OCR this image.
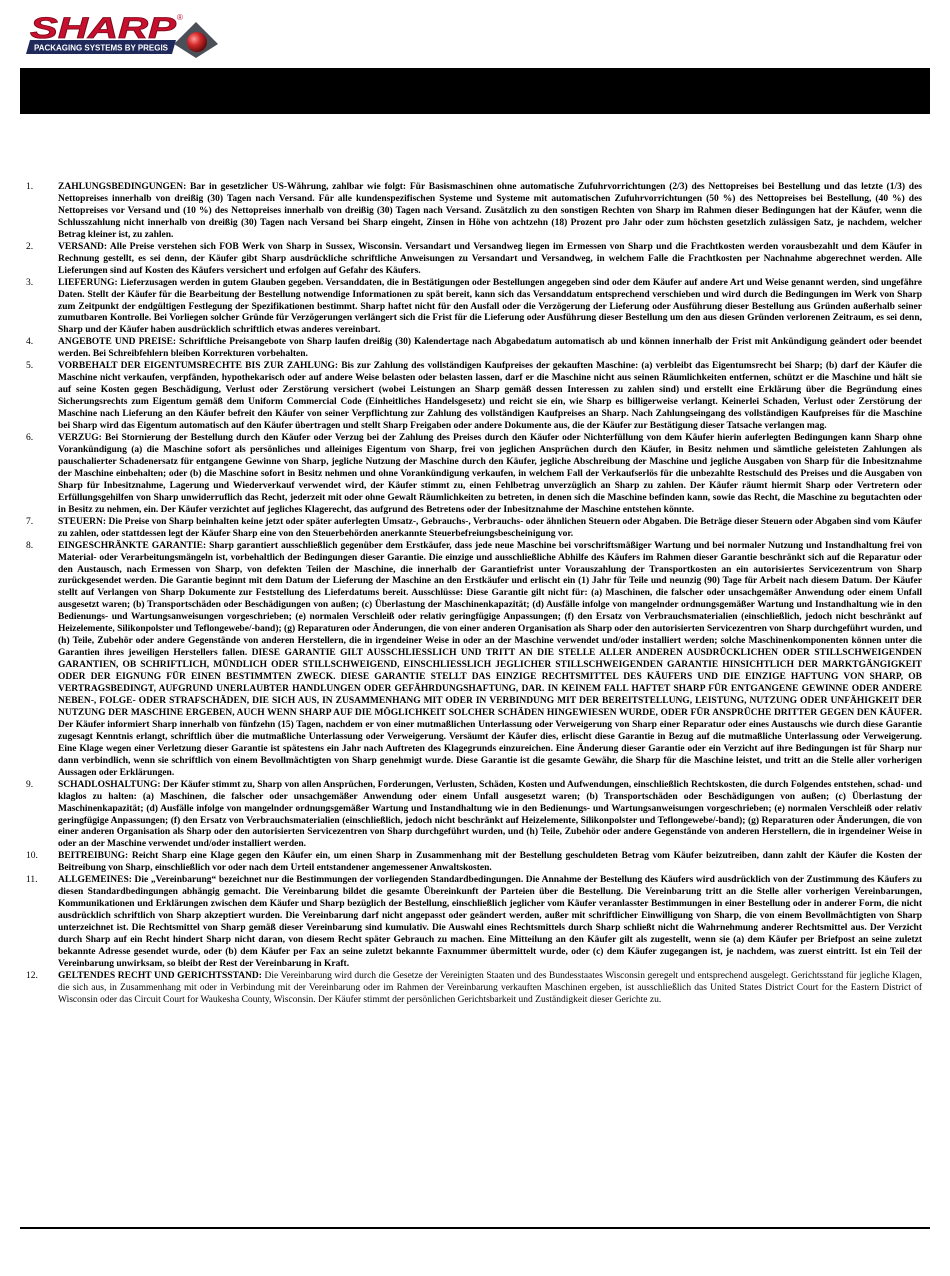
SHARP ®
PACKAGING SYSTEMS BY PREGIS
1.	ZAHLUNGSBEDINGUNGEN: Bar in gesetzlicher US-Währung, zahlbar wie folgt: Für Basismaschinen ohne automatische Zufuhrvorrichtungen (2/3) des Nettopreises bei Bestellung und das letzte (1/3) des Nettopreises innerhalb von dreißig (30) Tagen nach Versand. Für alle kundenspezifischen Systeme und Systeme mit automatischen Zufuhrvorrichtungen (50 %) des Nettopreises bei Bestellung, (40 %) des Nettopreises vor Versand und (10 %) des Nettopreises innerhalb von dreißig (30) Tagen nach Versand. Zusätzlich zu den sonstigen Rechten von Sharp im Rahmen dieser Bedingungen hat der Käufer, wenn die Schlusszahlung nicht innerhalb von dreißig (30) Tagen nach Versand bei Sharp eingeht, Zinsen in Höhe von achtzehn (18) Prozent pro Jahr oder zum höchsten gesetzlich zulässigen Satz, je nachdem, welcher Betrag kleiner ist, zu zahlen.
2.	VERSAND: Alle Preise verstehen sich FOB Werk von Sharp in Sussex, Wisconsin. Versandart und Versandweg liegen im Ermessen von Sharp und die Frachtkosten werden vorausbezahlt und dem Käufer in Rechnung gestellt, es sei denn, der Käufer gibt Sharp ausdrückliche schriftliche Anweisungen zu Versandart und Versandweg, in welchem Falle die Frachtkosten per Nachnahme abgerechnet werden. Alle Lieferungen sind auf Kosten des Käufers versichert und erfolgen auf Gefahr des Käufers.
3.	LIEFERUNG: Lieferzusagen werden in gutem Glauben gegeben. Versanddaten, die in Bestätigungen oder Bestellungen angegeben sind oder dem Käufer auf andere Art und Weise genannt werden, sind ungefähre Daten. Stellt der Käufer für die Bearbeitung der Bestellung notwendige Informationen zu spät bereit, kann sich das Versanddatum entsprechend verschieben und wird durch die Bedingungen im Werk von Sharp zum Zeitpunkt der endgültigen Festlegung der Spezifikationen bestimmt. Sharp haftet nicht für den Ausfall oder die Verzögerung der Lieferung oder Ausführung dieser Bestellung aus Gründen außerhalb seiner zumutbaren Kontrolle. Bei Vorliegen solcher Gründe für Verzögerungen verlängert sich die Frist für die Lieferung oder Ausführung dieser Bestellung um den aus diesen Gründen verlorenen Zeitraum, es sei denn, Sharp und der Käufer haben ausdrücklich schriftlich etwas anderes vereinbart.
4.	ANGEBOTE UND PREISE: Schriftliche Preisangebote von Sharp laufen dreißig (30) Kalendertage nach Abgabedatum automatisch ab und können innerhalb der Frist mit Ankündigung geändert oder beendet werden. Bei Schreibfehlern bleiben Korrekturen vorbehalten.
5.	VORBEHALT DER EIGENTUMSRECHTE BIS ZUR ZAHLUNG: Bis zur Zahlung des vollständigen Kaufpreises der gekauften Maschine: (a) verbleibt das Eigentumsrecht bei Sharp; (b) darf der Käufer die Maschine nicht verkaufen, verpfänden, hypothekarisch oder auf andere Weise belasten oder belasten lassen, darf er die Maschine nicht aus seinen Räumlichkeiten entfernen, schützt er die Maschine und hält sie auf seine Kosten gegen Beschädigung, Verlust oder Zerstörung versichert (wobei Leistungen an Sharp gemäß dessen Interessen zu zahlen sind) und erstellt eine Erklärung über die Begründung eines Sicherungsrechts zum Eigentum gemäß dem Uniform Commercial Code (Einheitliches Handelsgesetz) und reicht sie ein, wie Sharp es billigerweise verlangt. Keinerlei Schaden, Verlust oder Zerstörung der Maschine nach Lieferung an den Käufer befreit den Käufer von seiner Verpflichtung zur Zahlung des vollständigen Kaufpreises an Sharp. Nach Zahlungseingang des vollständigen Kaufpreises für die Maschine bei Sharp wird das Eigentum automatisch auf den Käufer übertragen und stellt Sharp Freigaben oder andere Dokumente aus, die der Käufer zur Bestätigung dieser Tatsache verlangen mag.
6.	VERZUG: Bei Stornierung der Bestellung durch den Käufer oder Verzug bei der Zahlung des Preises durch den Käufer oder Nichterfüllung von dem Käufer hierin auferlegten Bedingungen kann Sharp ohne Vorankündigung (a) die Maschine sofort als persönliches und alleiniges Eigentum von Sharp, frei von jeglichen Ansprüchen durch den Käufer, in Besitz nehmen und sämtliche geleisteten Zahlungen als pauschalierter Schadenersatz für entgangene Gewinne von Sharp, jegliche Nutzung der Maschine durch den Käufer, jegliche Abschreibung der Maschine und jegliche Ausgaben von Sharp für die Inbesitznahme der Maschine einbehalten; oder (b) die Maschine sofort in Besitz nehmen und ohne Vorankündigung verkaufen, in welchem Fall der Verkaufserlös für die unbezahlte Restschuld des Preises und die Ausgaben von Sharp für Inbesitznahme, Lagerung und Wiederverkauf verwendet wird, der Käufer stimmt zu, einen Fehlbetrag unverzüglich an Sharp zu zahlen. Der Käufer räumt hiermit Sharp oder Vertretern oder Erfüllungsgehilfen von Sharp unwiderruflich das Recht, jederzeit mit oder ohne Gewalt Räumlichkeiten zu betreten, in denen sich die Maschine befinden kann, sowie das Recht, die Maschine zu begutachten oder in Besitz zu nehmen, ein. Der Käufer verzichtet auf jegliches Klagerecht, das aufgrund des Betretens oder der Inbesitznahme der Maschine entstehen könnte.
7.	STEUERN: Die Preise von Sharp beinhalten keine jetzt oder später auferlegten Umsatz-, Gebrauchs-, Verbrauchs- oder ähnlichen Steuern oder Abgaben. Die Beträge dieser Steuern oder Abgaben sind vom Käufer zu zahlen, oder stattdessen legt der Käufer Sharp eine von den Steuerbehörden anerkannte Steuerbefreiungsbescheinigung vor.
8.	EINGESCHRÄNKTE GARANTIE: Sharp garantiert ausschließlich gegenüber dem Erstkäufer, dass jede neue Maschine bei vorschriftsmäßiger Wartung und bei normaler Nutzung und Instandhaltung frei von Material- oder Verarbeitungsmängeln ist, vorbehaltlich der Bedingungen dieser Garantie. Die einzige und ausschließliche Abhilfe des Käufers im Rahmen dieser Garantie beschränkt sich auf die Reparatur oder den Austausch, nach Ermessen von Sharp, von defekten Teilen der Maschine, die innerhalb der Garantiefrist unter Vorauszahlung der Transportkosten an ein autorisiertes Servicezentrum von Sharp zurückgesendet werden. Die Garantie beginnt mit dem Datum der Lieferung der Maschine an den Erstkäufer und erlischt ein (1) Jahr für Teile und neunzig (90) Tage für Arbeit nach diesem Datum. Der Käufer stellt auf Verlangen von Sharp Dokumente zur Feststellung des Lieferdatums bereit. Ausschlüsse: Diese Garantie gilt nicht für: (a) Maschinen, die falscher oder unsachgemäßer Anwendung oder einem Unfall ausgesetzt waren; (b) Transportschäden oder Beschädigungen von außen; (c) Überlastung der Maschinenkapazität; (d) Ausfälle infolge von mangelnder ordnungsgemäßer Wartung und Instandhaltung wie in den Bedienungs- und Wartungsanweisungen vorgeschrieben; (e) normalen Verschleiß oder relativ geringfügige Anpassungen; (f) den Ersatz von Verbrauchsmaterialien (einschließlich, jedoch nicht beschränkt auf Heizelemente, Silikonpolster und Teflongewebe/-band); (g) Reparaturen oder Änderungen, die von einer anderen Organisation als Sharp oder den autorisierten Servicezentren von Sharp durchgeführt wurden, und (h) Teile, Zubehör oder andere Gegenstände von anderen Herstellern, die in irgendeiner Weise in oder an der Maschine verwendet und/oder installiert werden; solche Maschinenkomponenten können unter die Garantien ihres jeweiligen Herstellers fallen. DIESE GARANTIE GILT AUSSCHLIESSLICH UND TRITT AN DIE STELLE ALLER ANDEREN AUSDRÜCKLICHEN ODER STILLSCHWEIGENDEN GARANTIEN, OB SCHRIFTLICH, MÜNDLICH ODER STILLSCHWEIGEND, EINSCHLIESSLICH JEGLICHER STILLSCHWEIGENDEN GARANTIE HINSICHTLICH DER MARKTGÄNGIGKEIT ODER DER EIGNUNG FÜR EINEN BESTIMMTEN ZWECK. DIESE GARANTIE STELLT DAS EINZIGE RECHTSMITTEL DES KÄUFERS UND DIE EINZIGE HAFTUNG VON SHARP, OB VERTRAGSBEDINGT, AUFGRUND UNERLAUBTER HANDLUNGEN ODER GEFÄHRDUNGSHAFTUNG, DAR. IN KEINEM FALL HAFTET SHARP FÜR ENTGANGENE GEWINNE ODER ANDERE NEBEN-, FOLGE- ODER STRAFSCHÄDEN, DIE SICH AUS, IN ZUSAMMENHANG MIT ODER IN VERBINDUNG MIT DER BEREITSTELLUNG, LEISTUNG, NUTZUNG ODER UNFÄHIGKEIT DER NUTZUNG DER MASCHINE ERGEBEN, AUCH WENN SHARP AUF DIE MÖGLICHKEIT SOLCHER SCHÄDEN HINGEWIESEN WURDE, ODER FÜR ANSPRÜCHE DRITTER GEGEN DEN KÄUFER. Der Käufer informiert Sharp innerhalb von fünfzehn (15) Tagen, nachdem er von einer mutmaßlichen Unterlassung oder Verweigerung von Sharp einer Reparatur oder eines Austauschs wie durch diese Garantie zugesagt Kenntnis erlangt, schriftlich über die mutmaßliche Unterlassung oder Verweigerung. Versäumt der Käufer dies, erlischt diese Garantie in Bezug auf die mutmaßliche Unterlassung oder Verweigerung. Eine Klage wegen einer Verletzung dieser Garantie ist spätestens ein Jahr nach Auftreten des Klagegrunds einzureichen. Eine Änderung dieser Garantie oder ein Verzicht auf ihre Bedingungen ist für Sharp nur dann verbindlich, wenn sie schriftlich von einem Bevollmächtigten von Sharp genehmigt wurde. Diese Garantie ist die gesamte Gewähr, die Sharp für die Maschine leistet, und tritt an die Stelle aller vorherigen Aussagen oder Erklärungen.
9.	SCHADLOSHALTUNG: Der Käufer stimmt zu, Sharp von allen Ansprüchen, Forderungen, Verlusten, Schäden, Kosten und Aufwendungen, einschließlich Rechtskosten, die durch Folgendes entstehen, schad- und klaglos zu halten: (a) Maschinen, die falscher oder unsachgemäßer Anwendung oder einem Unfall ausgesetzt waren; (b) Transportschäden oder Beschädigungen von außen; (c) Überlastung der Maschinenkapazität; (d) Ausfälle infolge von mangelnder ordnungsgemäßer Wartung und Instandhaltung wie in den Bedienungs- und Wartungsanweisungen vorgeschrieben; (e) normalen Verschleiß oder relativ geringfügige Anpassungen; (f) den Ersatz von Verbrauchsmaterialien (einschließlich, jedoch nicht beschränkt auf Heizelemente, Silikonpolster und Teflongewebe/-band); (g) Reparaturen oder Änderungen, die von einer anderen Organisation als Sharp oder den autorisierten Servicezentren von Sharp durchgeführt wurden, und (h) Teile, Zubehör oder andere Gegenstände von anderen Herstellern, die in irgendeiner Weise in oder an der Maschine verwendet und/oder installiert werden.
10. BEITREIBUNG: Reicht Sharp eine Klage gegen den Käufer ein, um einen Sharp in Zusammenhang mit der Bestellung geschuldeten Betrag vom Käufer beizutreiben, dann zahlt der Käufer die Kosten der Beitreibung von Sharp, einschließlich vor oder nach dem Urteil entstandener angemessener Anwaltskosten.
11. ALLGEMEINES: Die „Vereinbarung“ bezeichnet nur die Bestimmungen der vorliegenden Standardbedingungen. Die Annahme der Bestellung des Käufers wird ausdrücklich von der Zustimmung des Käufers zu diesen Standardbedingungen abhängig gemacht. Die Vereinbarung bildet die gesamte Übereinkunft der Parteien über die Bestellung. Die Vereinbarung tritt an die Stelle aller vorherigen Vereinbarungen, Kommunikationen und Erklärungen zwischen dem Käufer und Sharp bezüglich der Bestellung, einschließlich jeglicher vom Käufer veranlasster Bestimmungen in einer Bestellung oder in anderer Form, die nicht ausdrücklich schriftlich von Sharp akzeptiert wurden. Die Vereinbarung darf nicht angepasst oder geändert werden, außer mit schriftlicher Einwilligung von Sharp, die von einem Bevollmächtigten von Sharp unterzeichnet ist. Die Rechtsmittel von Sharp gemäß dieser Vereinbarung sind kumulativ. Die Auswahl eines Rechtsmittels durch Sharp schließt nicht die Wahrnehmung anderer Rechtsmittel aus. Der Verzicht durch Sharp auf ein Recht hindert Sharp nicht daran, von diesem Recht später Gebrauch zu machen. Eine Mitteilung an den Käufer gilt als zugestellt, wenn sie (a) dem Käufer per Briefpost an seine zuletzt bekannte Adresse gesendet wurde, oder (b) dem Käufer per Fax an seine zuletzt bekannte Faxnummer übermittelt wurde, oder (c) dem Käufer zugegangen ist, je nachdem, was zuerst eintritt. Ist ein Teil der Vereinbarung unwirksam, so bleibt der Rest der Vereinbarung in Kraft.
12. GELTENDES RECHT UND GERICHTSSTAND: Die Vereinbarung wird durch die Gesetze der Vereinigten Staaten und des Bundesstaates Wisconsin geregelt und entsprechend ausgelegt. Gerichtsstand für jegliche Klagen, die sich aus, in Zusammenhang mit oder in Verbindung mit der Vereinbarung oder im Rahmen der Vereinbarung verkauften Maschinen ergeben, ist ausschließlich das United States District Court for the Eastern District of Wisconsin oder das Circuit Court for Waukesha County, Wisconsin. Der Käufer stimmt der persönlichen Gerichtsbarkeit und Zuständigkeit dieser Gerichte zu.
